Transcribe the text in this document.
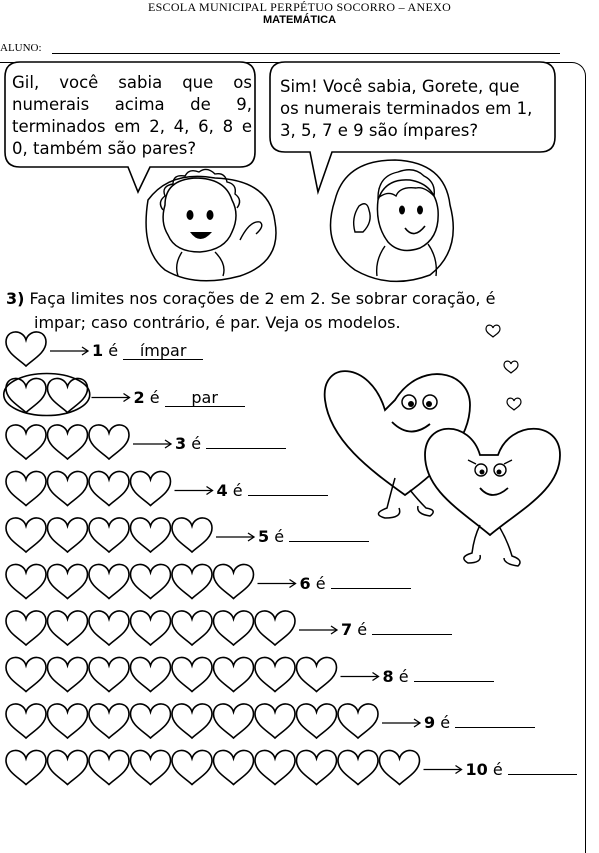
ESCOLA MUNICIPAL PERPÉTUO SOCORRO – ANEXO
MATEMÁTICA
ALUNO:
Gil, você sabia que os numerais acima de 9, terminados em 2, 4, 6, 8 e 0, também são pares?
Sim! Você sabia, Gorete, que os numerais terminados em 1, 3, 5, 7 e 9 são ímpares?
3) Faça limites nos corações de 2 em 2. Se sobrar coração, é
impar; caso contrário, é par. Veja os modelos.
1 é ímpar
2 é par
3 é
4 é
5 é
6 é
7 é
8 é
9 é
10 é
